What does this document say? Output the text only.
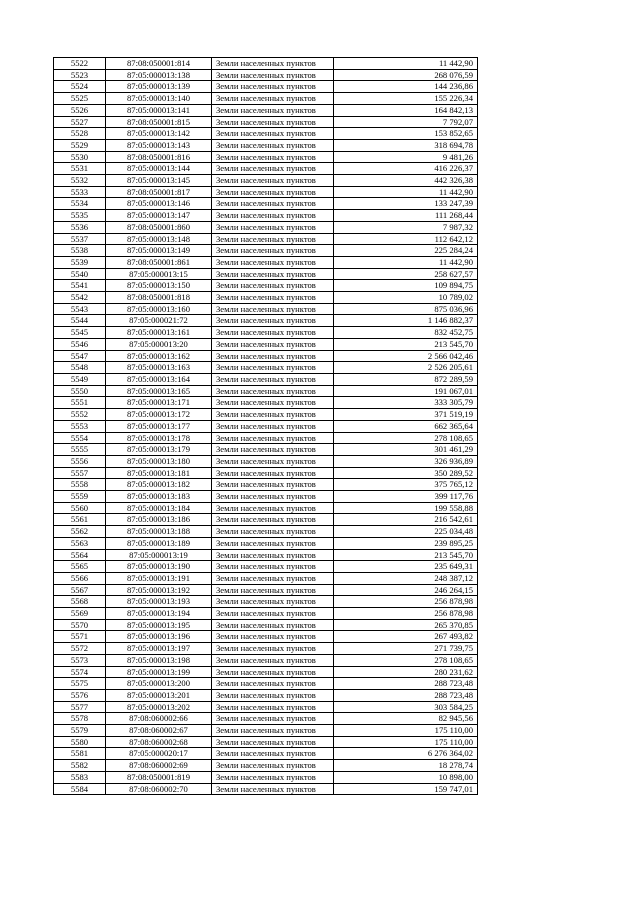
5522	87:08:050001:814	Земли населенных пунктов	11 442,90
5523	87:05:000013:138	Земли населенных пунктов	268 076,59
5524	87:05:000013:139	Земли населенных пунктов	144 236,86
5525	87:05:000013:140	Земли населенных пунктов	155 226,34
5526	87:05:000013:141	Земли населенных пунктов	164 842,13
5527	87:08:050001:815	Земли населенных пунктов	7 792,07
5528	87:05:000013:142	Земли населенных пунктов	153 852,65
5529	87:05:000013:143	Земли населенных пунктов	318 694,78
5530	87:08:050001:816	Земли населенных пунктов	9 481,26
5531	87:05:000013:144	Земли населенных пунктов	416 226,37
5532	87:05:000013:145	Земли населенных пунктов	442 326,38
5533	87:08:050001:817	Земли населенных пунктов	11 442,90
5534	87:05:000013:146	Земли населенных пунктов	133 247,39
5535	87:05:000013:147	Земли населенных пунктов	111 268,44
5536	87:08:050001:860	Земли населенных пунктов	7 987,32
5537	87:05:000013:148	Земли населенных пунктов	112 642,12
5538	87:05:000013:149	Земли населенных пунктов	225 284,24
5539	87:08:050001:861	Земли населенных пунктов	11 442,90
5540	87:05:000013:15	Земли населенных пунктов	258 627,57
5541	87:05:000013:150	Земли населенных пунктов	109 894,75
5542	87:08:050001:818	Земли населенных пунктов	10 789,02
5543	87:05:000013:160	Земли населенных пунктов	875 036,96
5544	87:05:000021:72	Земли населенных пунктов	1 146 882,37
5545	87:05:000013:161	Земли населенных пунктов	832 452,75
5546	87:05:000013:20	Земли населенных пунктов	213 545,70
5547	87:05:000013:162	Земли населенных пунктов	2 566 042,46
5548	87:05:000013:163	Земли населенных пунктов	2 526 205,61
5549	87:05:000013:164	Земли населенных пунктов	872 289,59
5550	87:05:000013:165	Земли населенных пунктов	191 067,01
5551	87:05:000013:171	Земли населенных пунктов	333 305,79
5552	87:05:000013:172	Земли населенных пунктов	371 519,19
5553	87:05:000013:177	Земли населенных пунктов	662 365,64
5554	87:05:000013:178	Земли населенных пунктов	278 108,65
5555	87:05:000013:179	Земли населенных пунктов	301 461,29
5556	87:05:000013:180	Земли населенных пунктов	326 936,89
5557	87:05:000013:181	Земли населенных пунктов	350 289,52
5558	87:05:000013:182	Земли населенных пунктов	375 765,12
5559	87:05:000013:183	Земли населенных пунктов	399 117,76
5560	87:05:000013:184	Земли населенных пунктов	199 558,88
5561	87:05:000013:186	Земли населенных пунктов	216 542,61
5562	87:05:000013:188	Земли населенных пунктов	225 034,48
5563	87:05:000013:189	Земли населенных пунктов	239 895,25
5564	87:05:000013:19	Земли населенных пунктов	213 545,70
5565	87:05:000013:190	Земли населенных пунктов	235 649,31
5566	87:05:000013:191	Земли населенных пунктов	248 387,12
5567	87:05:000013:192	Земли населенных пунктов	246 264,15
5568	87:05:000013:193	Земли населенных пунктов	256 878,98
5569	87:05:000013:194	Земли населенных пунктов	256 878,98
5570	87:05:000013:195	Земли населенных пунктов	265 370,85
5571	87:05:000013:196	Земли населенных пунктов	267 493,82
5572	87:05:000013:197	Земли населенных пунктов	271 739,75
5573	87:05:000013:198	Земли населенных пунктов	278 108,65
5574	87:05:000013:199	Земли населенных пунктов	280 231,62
5575	87:05:000013:200	Земли населенных пунктов	288 723,48
5576	87:05:000013:201	Земли населенных пунктов	288 723,48
5577	87:05:000013:202	Земли населенных пунктов	303 584,25
5578	87:08:060002:66	Земли населенных пунктов	82 945,56
5579	87:08:060002:67	Земли населенных пунктов	175 110,00
5580	87:08:060002:68	Земли населенных пунктов	175 110,00
5581	87:05:000020:17	Земли населенных пунктов	6 276 364,02
5582	87:08:060002:69	Земли населенных пунктов	18 278,74
5583	87:08:050001:819	Земли населенных пунктов	10 898,00
5584	87:08:060002:70	Земли населенных пунктов	159 747,01
